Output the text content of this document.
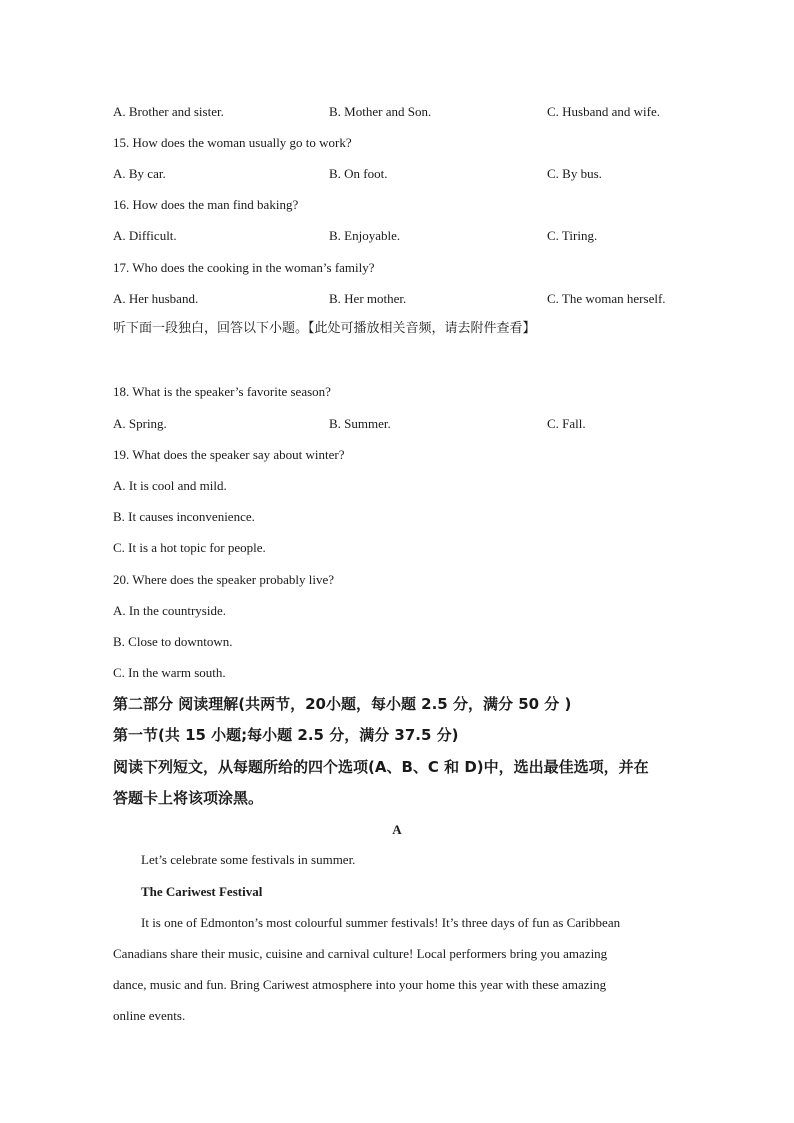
A. Brother and sister.	B. Mother and Son.	C. Husband and wife.
15. How does the woman usually go to work?
A. By car.	B. On foot.	C. By bus.
16. How does the man find baking?
A. Difficult.	B. Enjoyable.	C. Tiring.
17. Who does the cooking in the woman’s family?
A. Her husband.	B. Her mother.	C. The woman herself.
听下面一段独白，回答以下小题。【此处可播放相关音频，请去附件查看】
18. What is the speaker’s favorite season?
A. Spring.	B. Summer.	C. Fall.
19. What does the speaker say about winter?
A. It is cool and mild.
B. It causes inconvenience.
C. It is a hot topic for people.
20. Where does the speaker probably live?
A. In the countryside.
B. Close to downtown.
C. In the warm south.
第二部分 阅读理解(共两节，20小题，每小题 2.5 分，满分 50 分 )
第一节(共 15 小题;每小题 2.5 分，满分 37.5 分)
阅读下列短文，从每题所给的四个选项(A、B、C 和 D)中，选出最佳选项，并在
答题卡上将该项涂黑。
A
Let’s celebrate some festivals in summer.
The Cariwest Festival
It is one of Edmonton’s most colourful summer festivals! It’s three days of fun as Caribbean
Canadians share their music, cuisine and carnival culture! Local performers bring you amazing
dance, music and fun. Bring Cariwest atmosphere into your home this year with these amazing
online events.
